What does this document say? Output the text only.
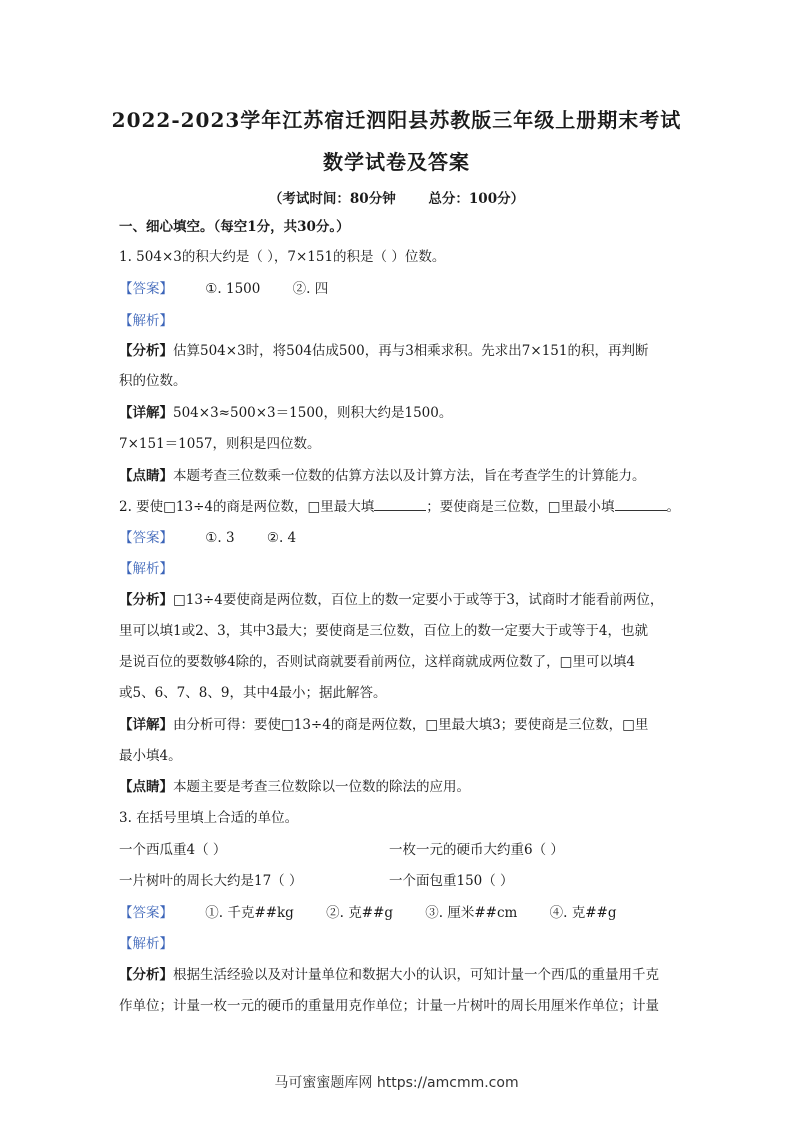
2022-2023学年江苏宿迁泗阳县苏教版三年级上册期末考试
数学试卷及答案
（考试时间：80分钟 总分：100分）
一、细心填空。（每空1分，共30分。）
1. 504×3的积大约是（ ），7×151的积是（ ）位数。
【答案】 ①. 1500 ②. 四
【解析】
【分析】估算504×3时，将504估成500，再与3相乘求积。先求出7×151的积，再判断
积的位数。
【详解】504×3≈500×3＝1500，则积大约是1500。
7×151＝1057，则积是四位数。
【点睛】本题考查三位数乘一位数的估算方法以及计算方法，旨在考查学生的计算能力。
2. 要使□13÷4的商是两位数，□里最大填	；要使商是三位数，□里最小填	。
【答案】 ①. 3 ②. 4
【解析】
【分析】□13÷4要使商是两位数，百位上的数一定要小于或等于3，试商时才能看前两位，
里可以填1或2、3，其中3最大；要使商是三位数，百位上的数一定要大于或等于4，也就
是说百位的要数够4除的，否则试商就要看前两位，这样商就成两位数了，□里可以填4
或5、6、7、8、9，其中4最小；据此解答。
【详解】由分析可得：要使□13÷4的商是两位数，□里最大填3；要使商是三位数，□里
最小填4。
【点睛】本题主要是考查三位数除以一位数的除法的应用。
3. 在括号里填上合适的单位。
一个西瓜重4（ ）	一枚一元的硬币大约重6（ ）
一片树叶的周长大约是17（ ）	一个面包重150（ ）
【答案】 ①. 千克##kg ②. 克##g ③. 厘米##cm ④. 克##g
【解析】
【分析】根据生活经验以及对计量单位和数据大小的认识，可知计量一个西瓜的重量用千克
作单位；计量一枚一元的硬币的重量用克作单位；计量一片树叶的周长用厘米作单位；计量
马可蜜蜜题库网 https://amcmm.com
